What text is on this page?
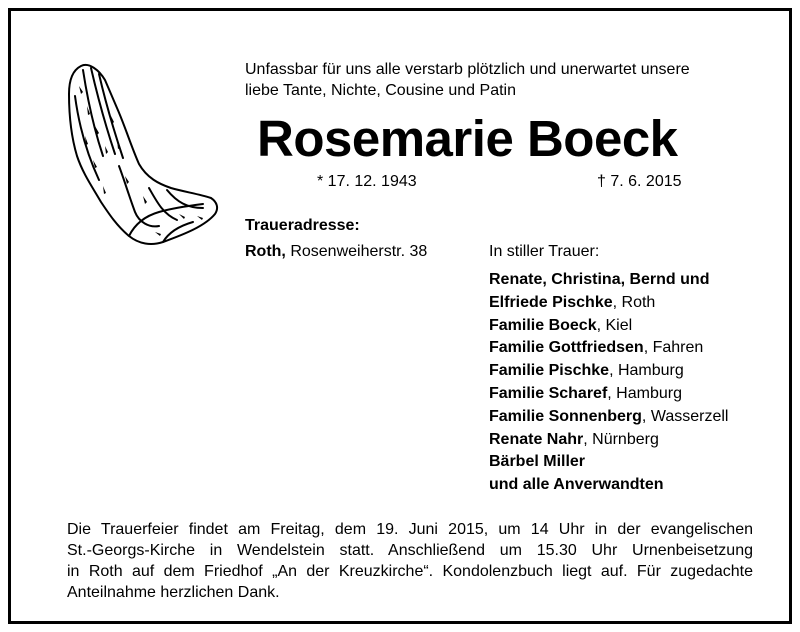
Unfassbar für uns alle verstarb plötzlich und unerwartet unsere
liebe Tante, Nichte, Cousine und Patin
Rosemarie Boeck
* 17. 12. 1943	† 7. 6. 2015
Traueradresse:
Roth, Rosenweiherstr. 38	In stiller Trauer:
Renate, Christina, Bernd und
Elfriede Pischke, Roth
Familie Boeck, Kiel
Familie Gottfriedsen, Fahren
Familie Pischke, Hamburg
Familie Scharef, Hamburg
Familie Sonnenberg, Wasserzell
Renate Nahr, Nürnberg
Bärbel Miller
und alle Anverwandten
Die Trauerfeier findet am Freitag, dem 19. Juni 2015, um 14 Uhr in der evangelischen
St.-Georgs-Kirche in Wendelstein statt. Anschließend um 15.30 Uhr Urnenbeisetzung
in Roth auf dem Friedhof „An der Kreuzkirche“. Kondolenzbuch liegt auf. Für zugedachte
Anteilnahme herzlichen Dank.
